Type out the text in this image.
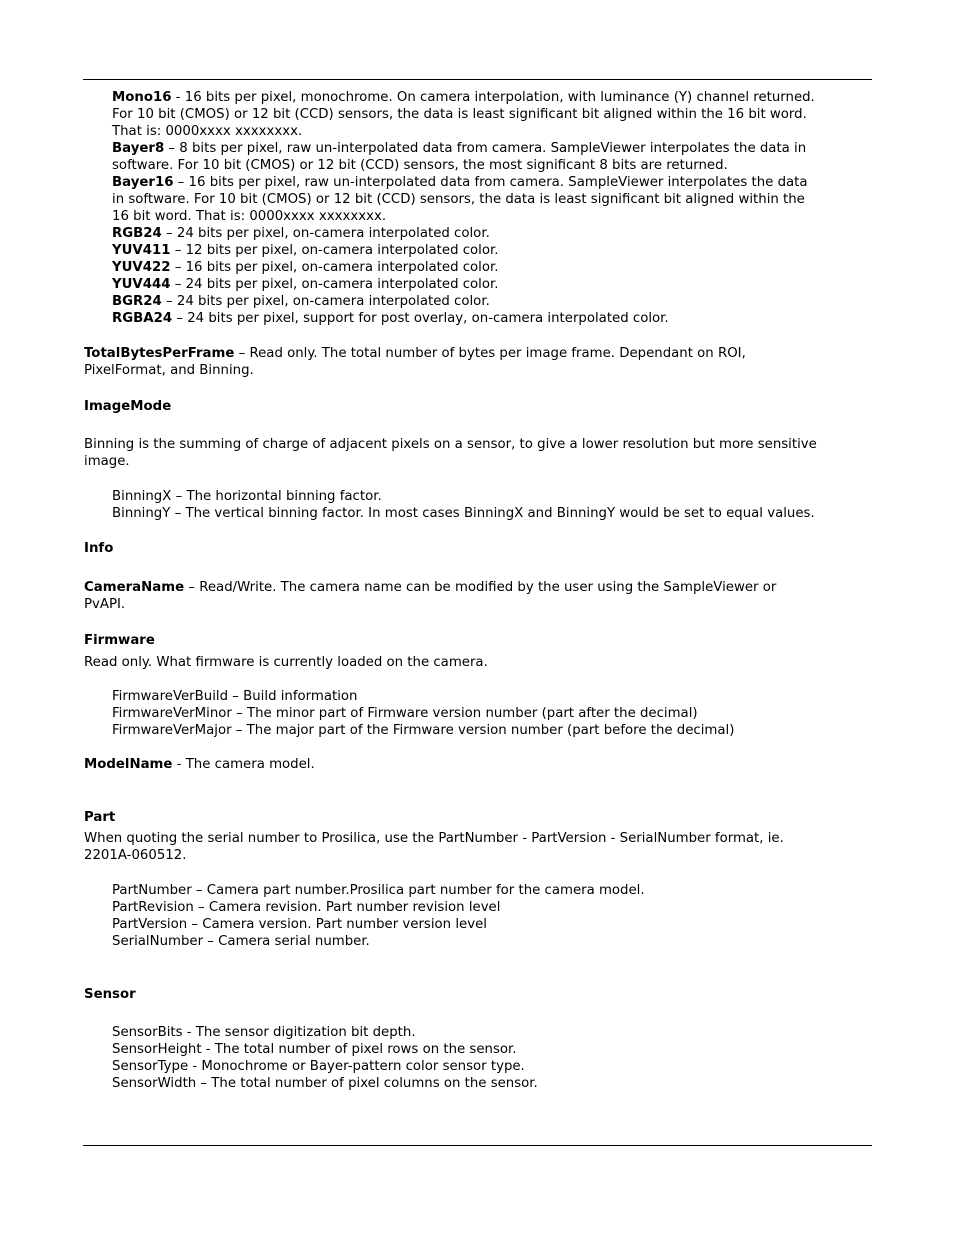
Mono16 - 16 bits per pixel, monochrome. On camera interpolation, with luminance (Y) channel returned.
For 10 bit (CMOS) or 12 bit (CCD) sensors, the data is least significant bit aligned within the 16 bit word.
That is: 0000xxxx xxxxxxxx.

Bayer8 – 8 bits per pixel, raw un-interpolated data from camera. SampleViewer interpolates the data in
software. For 10 bit (CMOS) or 12 bit (CCD) sensors, the most significant 8 bits are returned.

Bayer16 – 16 bits per pixel, raw un-interpolated data from camera. SampleViewer interpolates the data
in software. For 10 bit (CMOS) or 12 bit (CCD) sensors, the data is least significant bit aligned within the
16 bit word. That is: 0000xxxx xxxxxxxx.

RGB24 – 24 bits per pixel, on-camera interpolated color.

YUV411 – 12 bits per pixel, on-camera interpolated color.

YUV422 – 16 bits per pixel, on-camera interpolated color.

YUV444 – 24 bits per pixel, on-camera interpolated color.

BGR24 – 24 bits per pixel, on-camera interpolated color.

RGBA24 – 24 bits per pixel, support for post overlay, on-camera interpolated color.

TotalBytesPerFrame – Read only. The total number of bytes per image frame. Dependant on ROI,
PixelFormat, and Binning.

ImageMode

Binning is the summing of charge of adjacent pixels on a sensor, to give a lower resolution but more sensitive
image.

BinningX – The horizontal binning factor.
BinningY – The vertical binning factor. In most cases BinningX and BinningY would be set to equal values.

Info

CameraName – Read/Write. The camera name can be modified by the user using the SampleViewer or
PvAPI.

Firmware

Read only. What firmware is currently loaded on the camera.

FirmwareVerBuild – Build information
FirmwareVerMinor – The minor part of Firmware version number (part after the decimal)
FirmwareVerMajor – The major part of the Firmware version number (part before the decimal)

ModelName - The camera model.

Part

When quoting the serial number to Prosilica, use the PartNumber - PartVersion - SerialNumber format, ie.
2201A-060512.

PartNumber – Camera part number.Prosilica part number for the camera model.
PartRevision – Camera revision. Part number revision level
PartVersion – Camera version. Part number version level
SerialNumber – Camera serial number.

Sensor

SensorBits - The sensor digitization bit depth.
SensorHeight - The total number of pixel rows on the sensor.
SensorType - Monochrome or Bayer-pattern color sensor type.
SensorWidth – The total number of pixel columns on the sensor.
